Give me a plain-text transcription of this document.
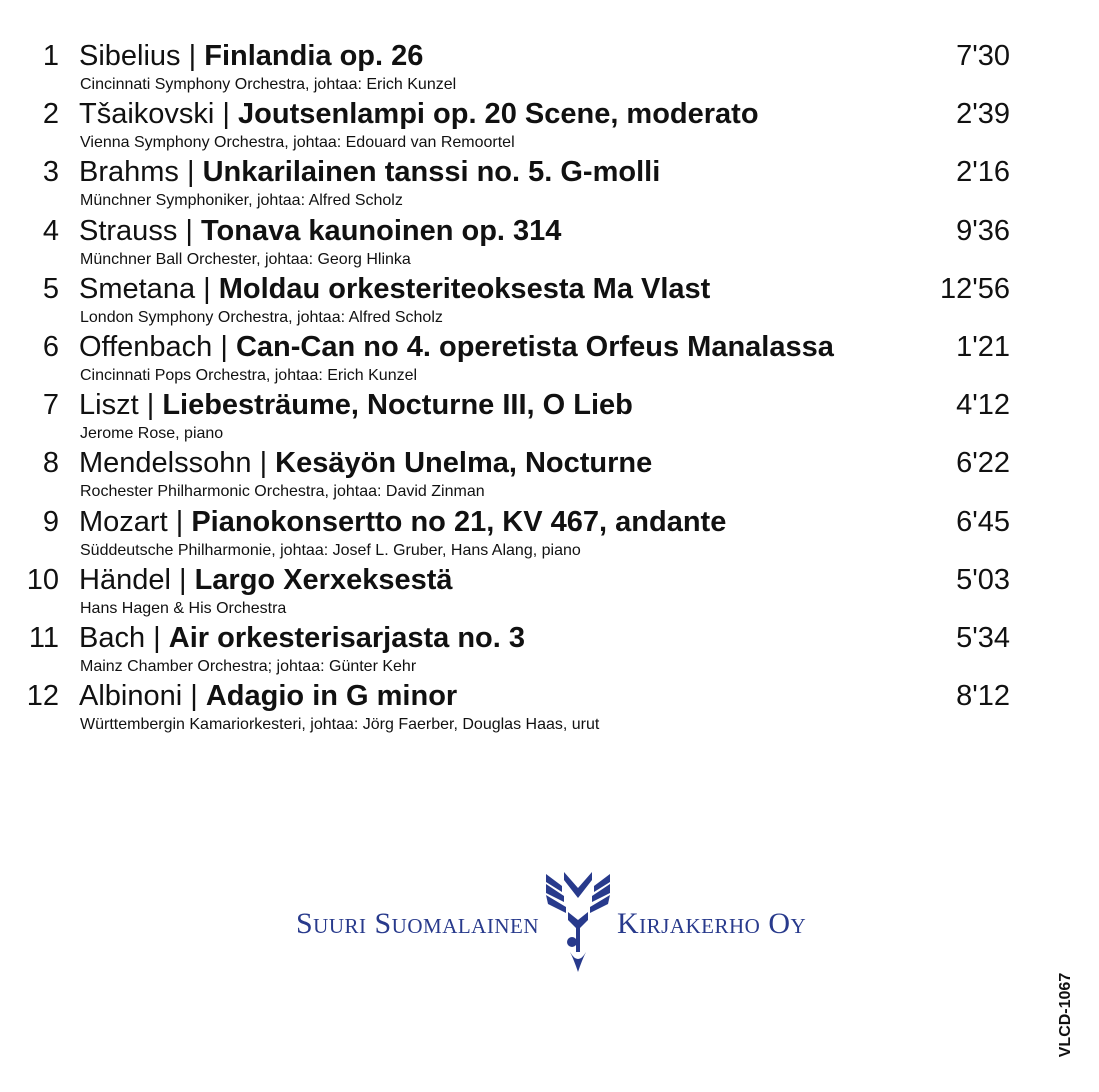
1 Sibelius | Finlandia op. 26	7'30
Cincinnati Symphony Orchestra, johtaa: Erich Kunzel
2 Tšaikovski | Joutsenlampi op. 20 Scene, moderato	2'39
Vienna Symphony Orchestra, johtaa: Edouard van Remoortel
3 Brahms | Unkarilainen tanssi no. 5. G-molli	2'16
Münchner Symphoniker, johtaa: Alfred Scholz
4 Strauss | Tonava kaunoinen op. 314	9'36
Münchner Ball Orchester, johtaa: Georg Hlinka
5 Smetana | Moldau orkesteriteoksesta Ma Vlast	12'56
London Symphony Orchestra, johtaa: Alfred Scholz
6 Offenbach | Can-Can no 4. operetista Orfeus Manalassa	1'21
Cincinnati Pops Orchestra, johtaa: Erich Kunzel
7 Liszt | Liebesträume, Nocturne III, O Lieb	4'12
Jerome Rose, piano
8 Mendelssohn | Kesäyön Unelma, Nocturne	6'22
Rochester Philharmonic Orchestra, johtaa: David Zinman
9 Mozart | Pianokonsertto no 21, KV 467, andante	6'45
Süddeutsche Philharmonie, johtaa: Josef L. Gruber, Hans Alang, piano
10 Händel | Largo Xerxeksestä	5'03
Hans Hagen & His Orchestra
11 Bach | Air orkesterisarjasta no. 3	5'34
Mainz Chamber Orchestra; johtaa: Günter Kehr
12 Albinoni | Adagio in G minor	8'12
Württembergin Kamariorkesteri, johtaa: Jörg Faerber, Douglas Haas, urut
Suuri Suomalainen	Kirjakerho Oy
VLCD-1067
